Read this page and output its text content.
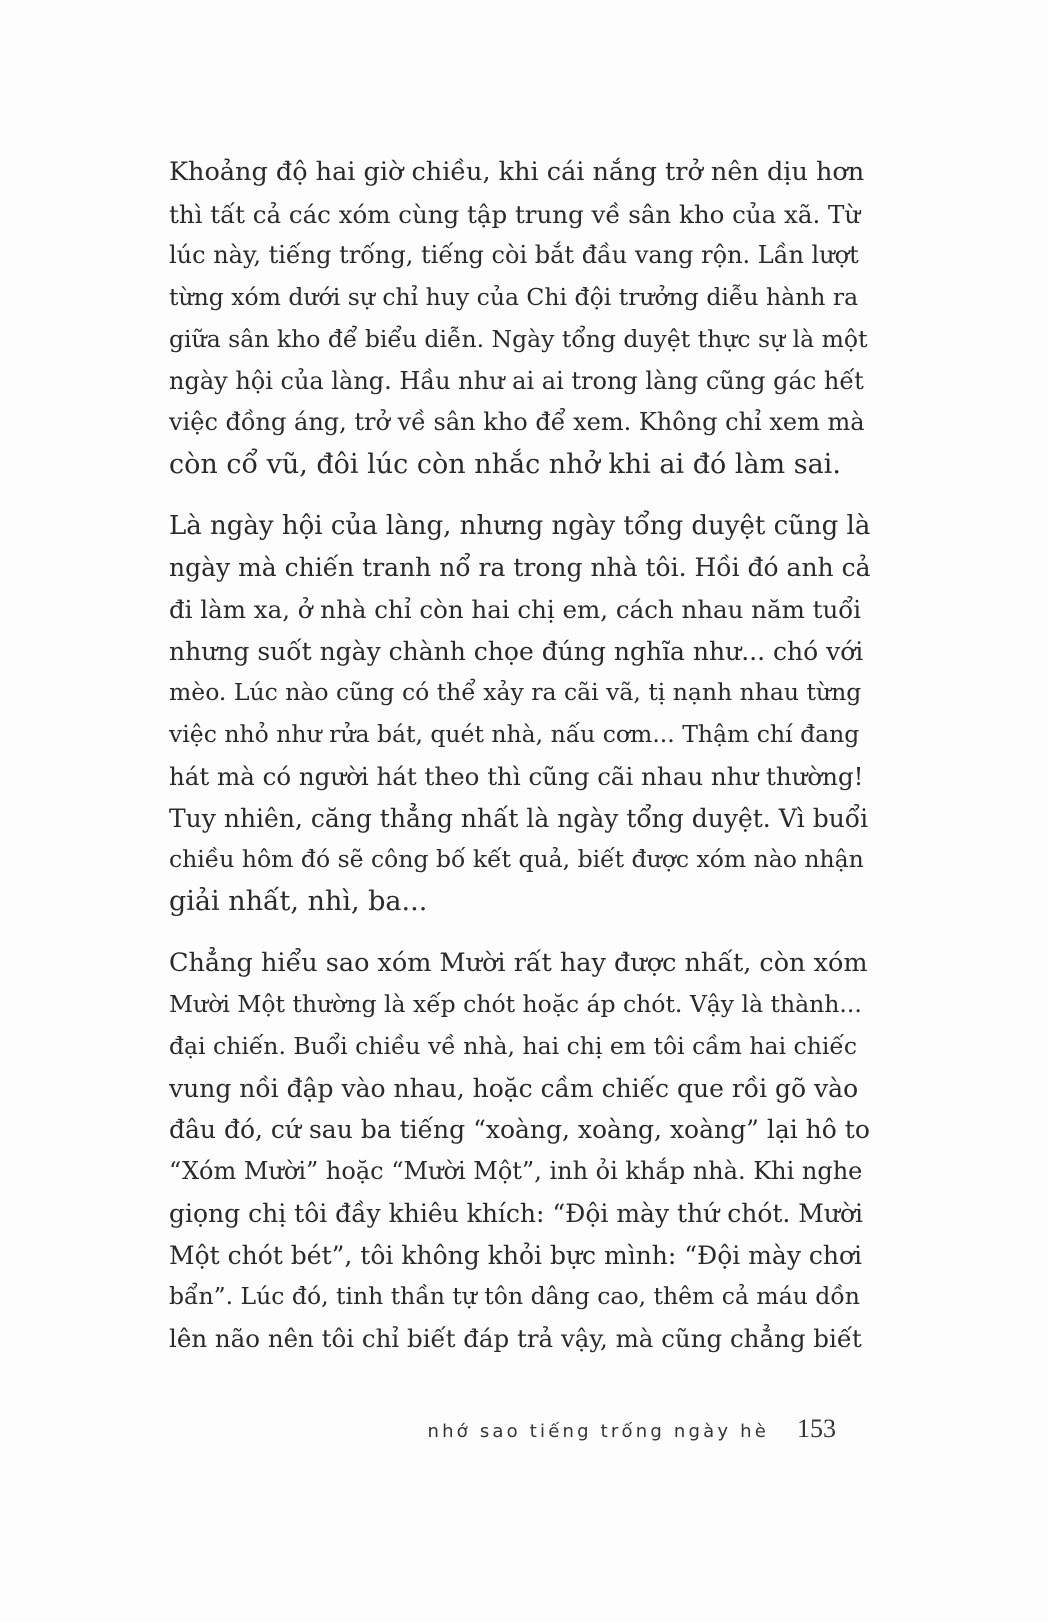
Khoảng độ hai giờ chiều, khi cái nắng trở nên dịu hơn
thì tất cả các xóm cùng tập trung về sân kho của xã. Từ
lúc này, tiếng trống, tiếng còi bắt đầu vang rộn. Lần lượt
từng xóm dưới sự chỉ huy của Chi đội trưởng diễu hành ra
giữa sân kho để biểu diễn. Ngày tổng duyệt thực sự là một
ngày hội của làng. Hầu như ai ai trong làng cũng gác hết
việc đồng áng, trở về sân kho để xem. Không chỉ xem mà
còn cổ vũ, đôi lúc còn nhắc nhở khi ai đó làm sai.

Là ngày hội của làng, nhưng ngày tổng duyệt cũng là
ngày mà chiến tranh nổ ra trong nhà tôi. Hồi đó anh cả
đi làm xa, ở nhà chỉ còn hai chị em, cách nhau năm tuổi
nhưng suốt ngày chành chọe đúng nghĩa như... chó với
mèo. Lúc nào cũng có thể xảy ra cãi vã, tị nạnh nhau từng
việc nhỏ như rửa bát, quét nhà, nấu cơm... Thậm chí đang
hát mà có người hát theo thì cũng cãi nhau như thường!
Tuy nhiên, căng thẳng nhất là ngày tổng duyệt. Vì buổi
chiều hôm đó sẽ công bố kết quả, biết được xóm nào nhận
giải nhất, nhì, ba...

Chẳng hiểu sao xóm Mười rất hay được nhất, còn xóm
Mười Một thường là xếp chót hoặc áp chót. Vậy là thành...
đại chiến. Buổi chiều về nhà, hai chị em tôi cầm hai chiếc
vung nồi đập vào nhau, hoặc cầm chiếc que rồi gõ vào
đâu đó, cứ sau ba tiếng “xoàng, xoàng, xoàng” lại hô to
“Xóm Mười” hoặc “Mười Một”, inh ỏi khắp nhà. Khi nghe
giọng chị tôi đầy khiêu khích: “Đội mày thứ chót. Mười
Một chót bét”, tôi không khỏi bực mình: “Đội mày chơi
bẩn”. Lúc đó, tinh thần tự tôn dâng cao, thêm cả máu dồn
lên não nên tôi chỉ biết đáp trả vậy, mà cũng chẳng biết

nhớ sao tiếng trống ngày hè 153
